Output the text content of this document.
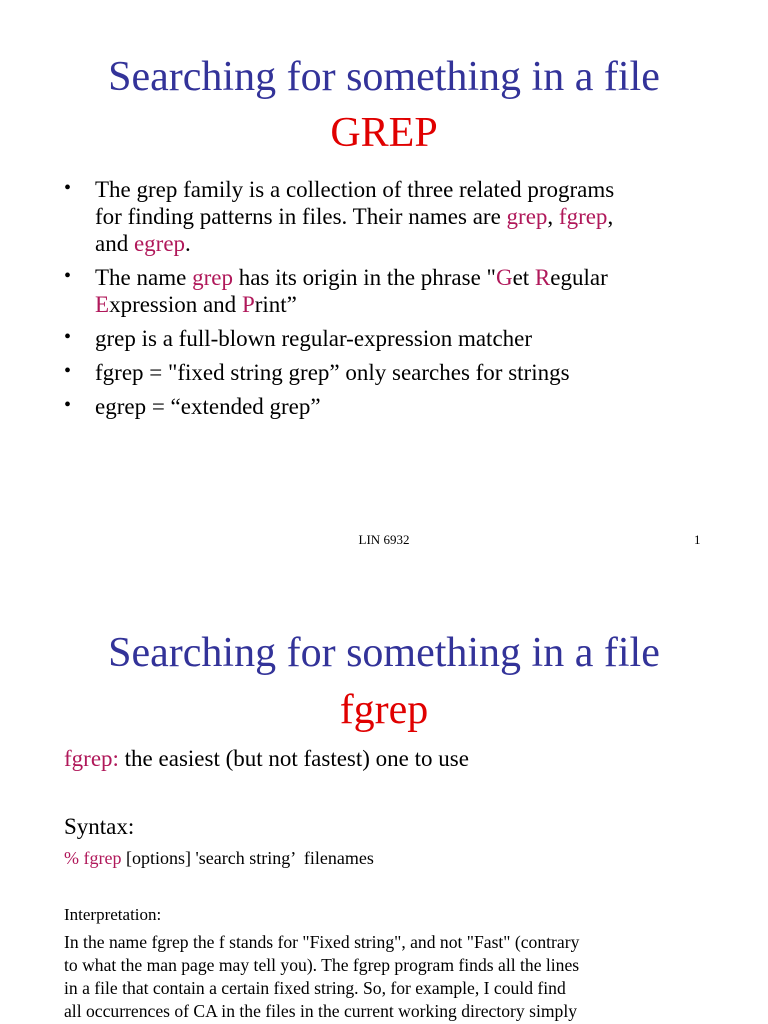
Searching for something in a file
GREP
• The grep family is a collection of three related programs
for finding patterns in files. Their names are grep, fgrep,
and egrep.
• The name grep has its origin in the phrase "Get Regular
Expression and Print”
• grep is a full-blown regular-expression matcher
• fgrep = "fixed string grep” only searches for strings
• egrep = “extended grep”
LIN 6932	1
Searching for something in a file
fgrep
fgrep: the easiest (but not fastest) one to use
Syntax:
% fgrep [options] 'search string’  filenames
Interpretation:
In the name fgrep the f stands for "Fixed string", and not "Fast" (contrary
to what the man page may tell you). The fgrep program finds all the lines
in a file that contain a certain fixed string. So, for example, I could find
all occurrences of CA in the files in the current working directory simply
